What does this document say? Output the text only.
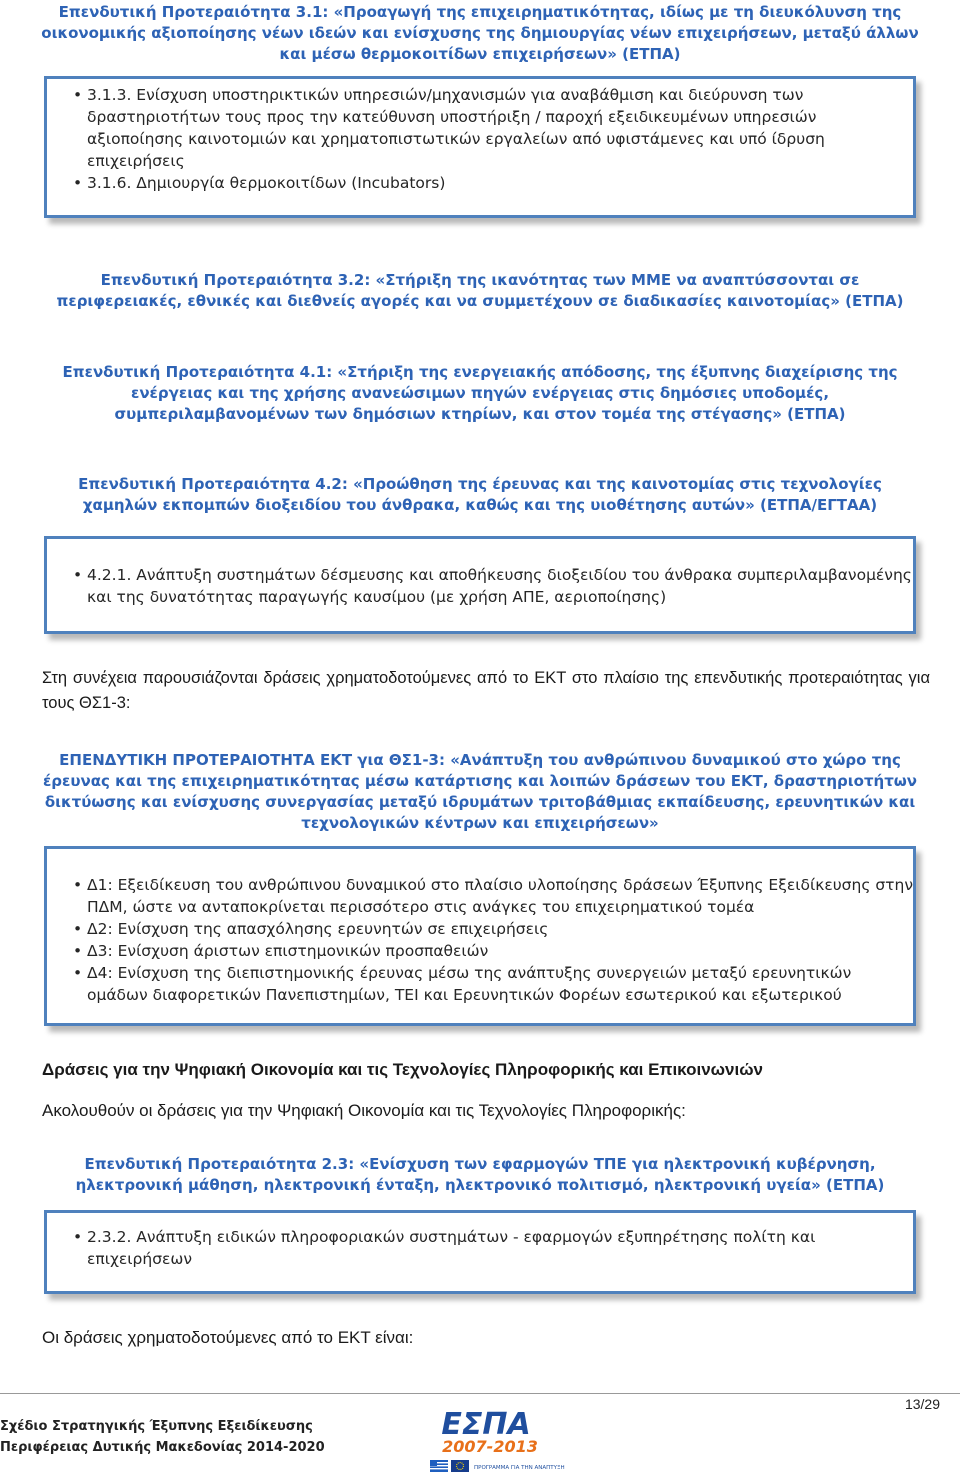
Επενδυτική Προτεραιότητα 3.1: «Προαγωγή της επιχειρηματικότητας, ιδίως με τη διευκόλυνση της οικονομικής αξιοποίησης νέων ιδεών και ενίσχυσης της δημιουργίας νέων επιχειρήσεων, μεταξύ άλλων και μέσω θερμοκοιτίδων επιχειρήσεων» (ΕΤΠΑ)
• 3.1.3. Ενίσχυση υποστηρικτικών υπηρεσιών/μηχανισμών για αναβάθμιση και διεύρυνση των δραστηριοτήτων τους προς την κατεύθυνση υποστήριξη / παροχή εξειδικευμένων υπηρεσιών αξιοποίησης καινοτομιών και χρηματοπιστωτικών εργαλείων από υφιστάμενες και υπό ίδρυση επιχειρήσεις
• 3.1.6. Δημιουργία θερμοκοιτίδων (Incubators)
Επενδυτική Προτεραιότητα 3.2: «Στήριξη της ικανότητας των ΜΜΕ να αναπτύσσονται σε περιφερειακές, εθνικές και διεθνείς αγορές και να συμμετέχουν σε διαδικασίες καινοτομίας» (ΕΤΠΑ)
Επενδυτική Προτεραιότητα 4.1: «Στήριξη της ενεργειακής απόδοσης, της έξυπνης διαχείρισης της ενέργειας και της χρήσης ανανεώσιμων πηγών ενέργειας στις δημόσιες υποδομές, συμπεριλαμβανομένων των δημόσιων κτηρίων, και στον τομέα της στέγασης» (ΕΤΠΑ)
Επενδυτική Προτεραιότητα 4.2: «Προώθηση της έρευνας και της καινοτομίας στις τεχνολογίες χαμηλών εκπομπών διοξειδίου του άνθρακα, καθώς και της υιοθέτησης αυτών» (ΕΤΠΑ/ΕΓΤΑΑ)
• 4.2.1. Ανάπτυξη συστημάτων δέσμευσης και αποθήκευσης διοξειδίου του άνθρακα συμπεριλαμβανομένης και της δυνατότητας παραγωγής καυσίμου (με χρήση ΑΠΕ, αεριοποίησης)
Στη συνέχεια παρουσιάζονται δράσεις χρηματοδοτούμενες από το ΕΚΤ στο πλαίσιο της επενδυτικής προτεραιότητας για τους ΘΣ1-3:
ΕΠΕΝΔΥΤΙΚΗ ΠΡΟΤΕΡΑΙΟΤΗΤΑ ΕΚΤ για ΘΣ1-3: «Ανάπτυξη του ανθρώπινου δυναμικού στο χώρο της έρευνας και της επιχειρηματικότητας μέσω κατάρτισης και λοιπών δράσεων του ΕΚΤ, δραστηριοτήτων δικτύωσης και ενίσχυσης συνεργασίας μεταξύ ιδρυμάτων τριτοβάθμιας εκπαίδευσης, ερευνητικών και τεχνολογικών κέντρων και επιχειρήσεων»
• Δ1: Εξειδίκευση του ανθρώπινου δυναμικού στο πλαίσιο υλοποίησης δράσεων Έξυπνης Εξειδίκευσης στην ΠΔΜ, ώστε να ανταποκρίνεται περισσότερο στις ανάγκες του επιχειρηματικού τομέα
• Δ2: Ενίσχυση της απασχόλησης ερευνητών σε επιχειρήσεις
• Δ3: Ενίσχυση άριστων επιστημονικών προσπαθειών
• Δ4: Ενίσχυση της διεπιστημονικής έρευνας μέσω της ανάπτυξης συνεργειών μεταξύ ερευνητικών ομάδων διαφορετικών Πανεπιστημίων, ΤΕΙ και Ερευνητικών Φορέων εσωτερικού και εξωτερικού
Δράσεις για την Ψηφιακή Οικονομία και τις Τεχνολογίες Πληροφορικής και Επικοινωνιών
Ακολουθούν οι δράσεις για την Ψηφιακή Οικονομία και τις Τεχνολογίες Πληροφορικής:
Επενδυτική Προτεραιότητα 2.3: «Ενίσχυση των εφαρμογών ΤΠΕ για ηλεκτρονική κυβέρνηση, ηλεκτρονική μάθηση, ηλεκτρονική ένταξη, ηλεκτρονικό πολιτισμό, ηλεκτρονική υγεία» (ΕΤΠΑ)
• 2.3.2. Ανάπτυξη ειδικών πληροφοριακών συστημάτων - εφαρμογών εξυπηρέτησης πολίτη και επιχειρήσεων
Οι δράσεις χρηματοδοτούμενες από το ΕΚΤ είναι:
Σχέδιο Στρατηγικής Έξυπνης Εξειδίκευσης
Περιφέρειας Δυτικής Μακεδονίας 2014-2020
ΕΣΠΑ
2007-2013
ΠΡΟΓΡΑΜΜΑ ΓΙΑ ΤΗΝ ΑΝΑΠΤΥΞΗ
13/29
